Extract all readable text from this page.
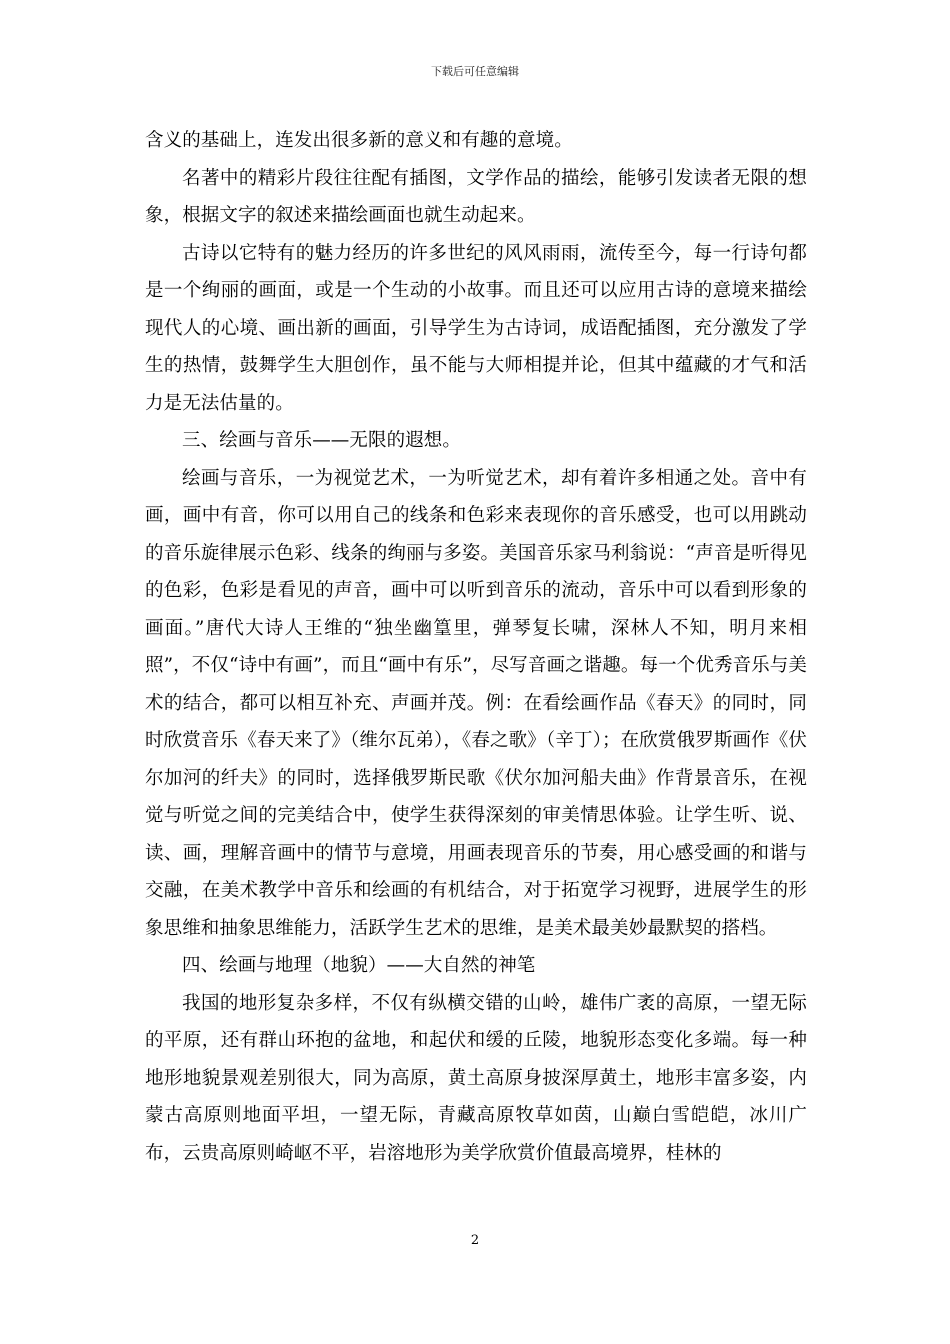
下载后可任意编辑

含义的基础上，连发出很多新的意义和有趣的意境。

名著中的精彩片段往往配有插图，文学作品的描绘，能够引发读者无限的想象，根据文字的叙述来描绘画面也就生动起来。

古诗以它特有的魅力经历的许多世纪的风风雨雨，流传至今，每一行诗句都是一个绚丽的画面，或是一个生动的小故事。而且还可以应用古诗的意境来描绘现代人的心境、画出新的画面，引导学生为古诗词，成语配插图，充分激发了学生的热情，鼓舞学生大胆创作，虽不能与大师相提并论，但其中蕴藏的才气和活力是无法估量的。

三、绘画与音乐——无限的遐想。

绘画与音乐，一为视觉艺术，一为听觉艺术，却有着许多相通之处。音中有画，画中有音，你可以用自己的线条和色彩来表现你的音乐感受，也可以用跳动的音乐旋律展示色彩、线条的绚丽与多姿。美国音乐家马利翁说：“声音是听得见的色彩，色彩是看见的声音，画中可以听到音乐的流动，音乐中可以看到形象的画面。”唐代大诗人王维的“独坐幽篁里，弹琴复长啸，深林人不知，明月来相照”，不仅“诗中有画”，而且“画中有乐”，尽写音画之谐趣。每一个优秀音乐与美术的结合，都可以相互补充、声画并茂。例：在看绘画作品《春天》的同时，同时欣赏音乐《春天来了》（维尔瓦弟），《春之歌》（辛丁）；在欣赏俄罗斯画作《伏尔加河的纤夫》的同时，选择俄罗斯民歌《伏尔加河船夫曲》作背景音乐，在视觉与听觉之间的完美结合中，使学生获得深刻的审美情思体验。让学生听、说、读、画，理解音画中的情节与意境，用画表现音乐的节奏，用心感受画的和谐与交融，在美术教学中音乐和绘画的有机结合，对于拓宽学习视野，进展学生的形象思维和抽象思维能力，活跃学生艺术的思维，是美术最美妙最默契的搭档。

四、绘画与地理（地貌）——大自然的神笔

我国的地形复杂多样，不仅有纵横交错的山岭，雄伟广袤的高原，一望无际的平原，还有群山环抱的盆地，和起伏和缓的丘陵，地貌形态变化多端。每一种地形地貌景观差别很大，同为高原，黄土高原身披深厚黄土，地形丰富多姿，内蒙古高原则地面平坦，一望无际，青藏高原牧草如茵，山巅白雪皑皑，冰川广布，云贵高原则崎岖不平，岩溶地形为美学欣赏价值最高境界，桂林的

2
